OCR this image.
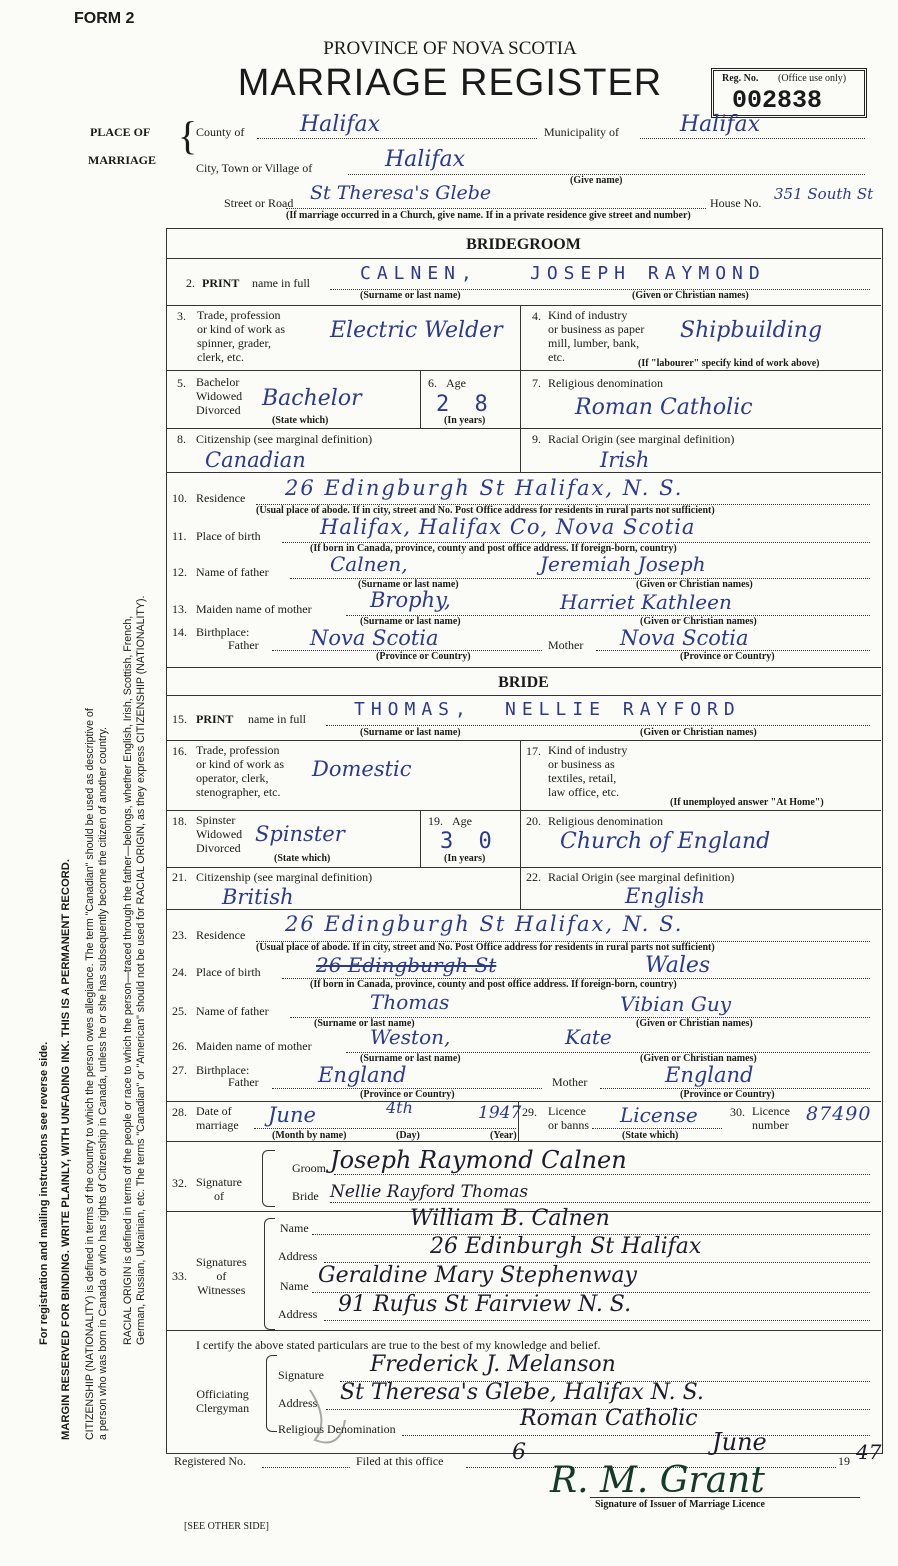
For registration and mailing instructions see reverse side. MARGIN RESERVED FOR BINDING. WRITE PLAINLY, WITH UNFADING INK. THIS IS A PERMANENT RECORD. CITIZENSHIP (NATIONALITY) is defined in terms of the country to which the person owes allegiance. The term "Canadian" should be used as descriptive of a person who was born in Canada or who has rights of Citizenship in Canada, unless he or she has subsequently become the citizen of another country. RACIAL ORIGIN is defined in terms of the people or race to which the person—traced through the father—belongs, whether English, Irish, Scottish, French, German, Russian, Ukrainian, etc. The terms "Canadian" or "American" should not be used for RACIAL ORIGIN, as they express CITIZENSHIP (NATIONALITY).
FORM 2
PROVINCE OF NOVA SCOTIA
MARRIAGE REGISTER	Reg. No. (Office use only)
002838
PLACE OF
MARRIAGE
{
County of	Halifax	Municipality of	Halifax
City, Town or Village of	Halifax
(Give name)
Street or Road St Theresa's Glebe	House No. 351 South St
(If marriage occurred in a Church, give name. If in a private residence give street and number)
BRIDEGROOM
2. PRINT name in full	CALNEN,	JOSEPH RAYMOND
(Surname or last name)	(Given or Christian names)
3. Trade, profession
or kind of work as
spinner, grader,
clerk, etc.
Electric Welder
4. Kind of industry
or business as paper
mill, lumber, bank,
etc.
Shipbuilding
(If "labourer" specify kind of work above)
5. Bachelor
Widowed
Divorced Bachelor
(State which)
6. Age
2 8
(In years)
7. Religious denomination
Roman Catholic
8. Citizenship (see marginal definition)
Canadian
9. Racial Origin (see marginal definition)
Irish
10. Residence 26 Edingburgh St Halifax, N. S.
(Usual place of abode. If in city, street and No. Post Office address for residents in rural parts not sufficient)
11. Place of birth	Halifax, Halifax Co, Nova Scotia
(If born in Canada, province, county and post office address. If foreign-born, country)
12. Name of father	Calnen,	Jeremiah Joseph
(Surname or last name)	(Given or Christian names)
13. Maiden name of mother	Brophy,	Harriet Kathleen
(Surname or last name)	(Given or Christian names)
14. Birthplace:
Father Nova Scotia	Mother Nova Scotia
(Province or Country)	(Province or Country)
BRIDE
15. PRINT name in full	THOMAS, NELLIE RAYFORD
(Surname or last name)	(Given or Christian names)
16. Trade, profession
or kind of work as
operator, clerk,
stenographer, etc.
Domestic
17. Kind of industry
or business as
textiles, retail,
law office, etc.
(If unemployed answer "At Home")
18. Spinster
Widowed
Divorced
Spinster
(State which)
19. Age
3 0
(In years)
20. Religious denomination
Church of England
21. Citizenship (see marginal definition)
British
22. Racial Origin (see marginal definition)
English
23. Residence 26 Edingburgh St Halifax, N. S.
(Usual place of abode. If in city, street and No. Post Office address for residents in rural parts not sufficient)
24. Place of birth	26 Edingburgh St	Wales
(If born in Canada, province, county and post office address. If foreign-born, country)
25. Name of father	Thomas	Vibian Guy
(Surname or last name)	(Given or Christian names)
26. Maiden name of mother	Weston,	Kate
(Surname or last name)	(Given or Christian names)
27. Birthplace:
Father	England	Mother	England
(Province or Country)	(Province or Country)
28. Date of
marriage June	4th	1947
(Month by name)	(Day)	(Year)
29. Licence
or banns License
(State which)
30. Licence
number 87490
32. Signature
of
Groom Joseph Raymond Calnen
Bride Nellie Rayford Thomas
33.
Signatures
of
Witnesses
Name	William B. Calnen
Address	26 Edinburgh St Halifax
Name Geraldine Mary Stephenway
Address 91 Rufus St Fairview N. S.
I certify the above stated particulars are true to the best of my knowledge and belief.
Officiating
Clergyman
Signature Frederick J. Melanson
Address St Theresa's Glebe, Halifax N. S.
Religious Denomination	Roman Catholic
Registered No.	Filed at this office	6	June
19 47
R. M. Grant
Signature of Issuer of Marriage Licence
[SEE OTHER SIDE]
